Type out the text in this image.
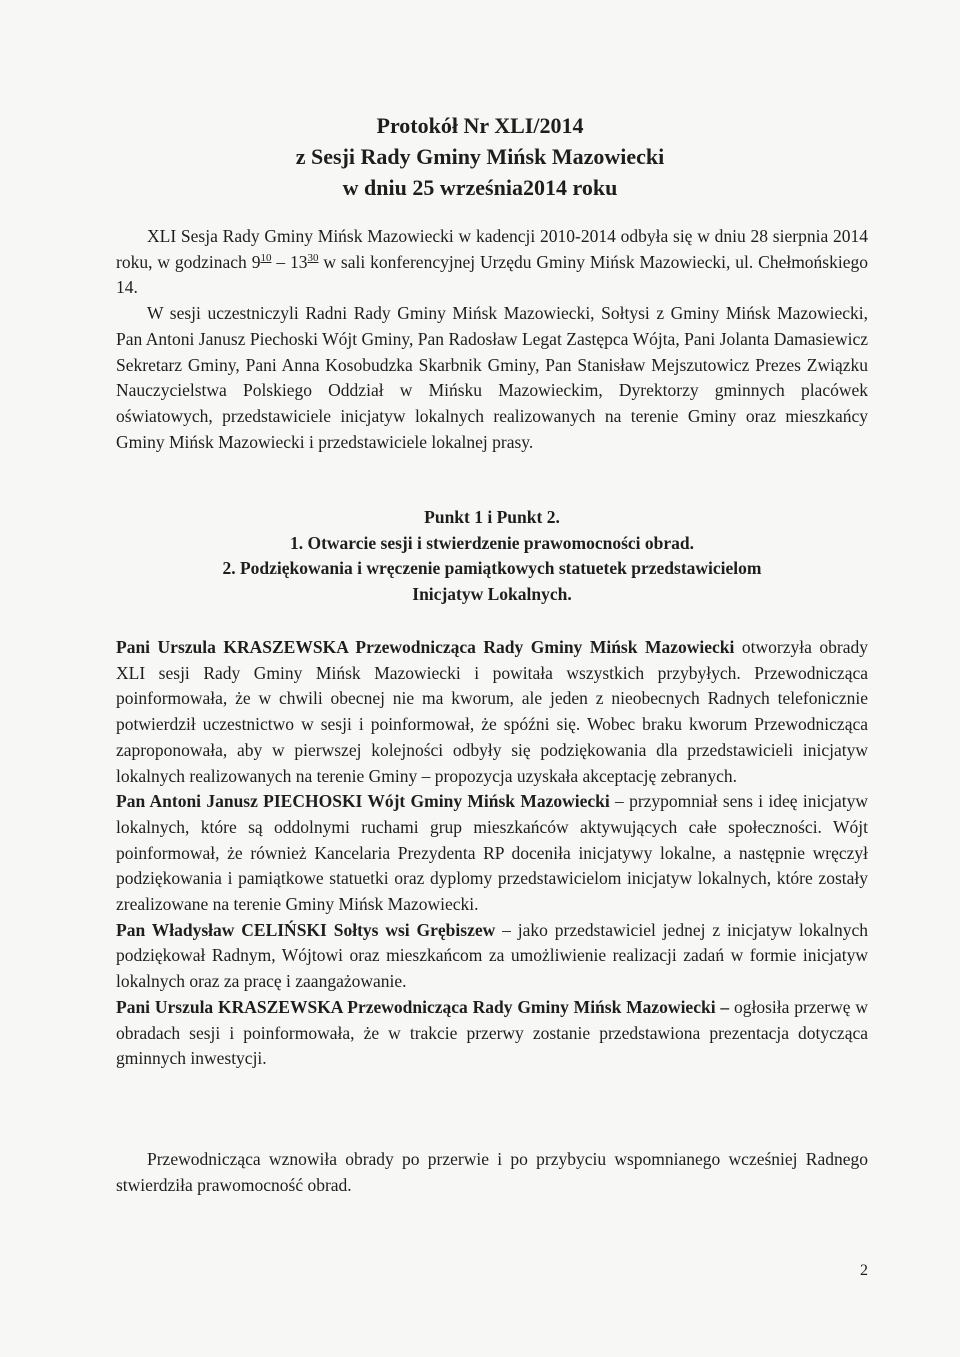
Protokół Nr XLI/2014
z Sesji Rady Gminy Mińsk Mazowiecki
w dniu 25 września2014 roku

XLI Sesja Rady Gminy Mińsk Mazowiecki w kadencji 2010-2014 odbyła się w dniu 28 sierpnia 2014 roku, w godzinach $9^{10} - 13^{30}$ w sali konferencyjnej Urzędu Gminy Mińsk Mazowiecki, ul. Chełmońskiego 14.

W sesji uczestniczyli Radni Rady Gminy Mińsk Mazowiecki, Sołtysi z Gminy Mińsk Mazowiecki, Pan Antoni Janusz Piechoski Wójt Gminy, Pan Radosław Legat Zastępca Wójta, Pani Jolanta Damasiewicz Sekretarz Gminy, Pani Anna Kosobudzka Skarbnik Gminy, Pan Stanisław Mejszutowicz Prezes Związku Nauczycielstwa Polskiego Oddział w Mińsku Mazowieckim, Dyrektorzy gminnych placówek oświatowych, przedstawiciele inicjatyw lokalnych realizowanych na terenie Gminy oraz mieszkańcy Gminy Mińsk Mazowiecki i przedstawiciele lokalnej prasy.

Punkt 1 i Punkt 2.

1. Otwarcie sesji i stwierdzenie prawomocności obrad.

2. Podziękowania i wręczenie pamiątkowych statuetek przedstawicielom

Inicjatyw Lokalnych.

Pani Urszula KRASZEWSKA Przewodnicząca Rady Gminy Mińsk Mazowiecki otworzyła obrady XLI sesji Rady Gminy Mińsk Mazowiecki i powitała wszystkich przybyłych. Przewodnicząca poinformowała, że w chwili obecnej nie ma kworum, ale jeden z nieobecnych Radnych telefonicznie potwierdził uczestnictwo w sesji i poinformował, że spóźni się. Wobec braku kworum Przewodnicząca zaproponowała, aby w pierwszej kolejności odbyły się podziękowania dla przedstawicieli inicjatyw lokalnych realizowanych na terenie Gminy – propozycja uzyskała akceptację zebranych.

Pan Antoni Janusz PIECHOSKI Wójt Gminy Mińsk Mazowiecki – przypomniał sens i ideę inicjatyw lokalnych, które są oddolnymi ruchami grup mieszkańców aktywujących całe społeczności. Wójt poinformował, że również Kancelaria Prezydenta RP doceniła inicjatywy lokalne, a następnie wręczył podziękowania i pamiątkowe statuetki oraz dyplomy przedstawicielom inicjatyw lokalnych, które zostały zrealizowane na terenie Gminy Mińsk Mazowiecki.

Pan Władysław CELIŃSKI Sołtys wsi Grębiszew – jako przedstawiciel jednej z inicjatyw lokalnych podziękował Radnym, Wójtowi oraz mieszkańcom za umożliwienie realizacji zadań w formie inicjatyw lokalnych oraz za pracę i zaangażowanie.

Pani Urszula KRASZEWSKA Przewodnicząca Rady Gminy Mińsk Mazowiecki – ogłosiła przerwę w obradach sesji i poinformowała, że w trakcie przerwy zostanie przedstawiona prezentacja dotycząca gminnych inwestycji.

Przewodnicząca wznowiła obrady po przerwie i po przybyciu wspomnianego wcześniej Radnego stwierdziła prawomocność obrad.

2
